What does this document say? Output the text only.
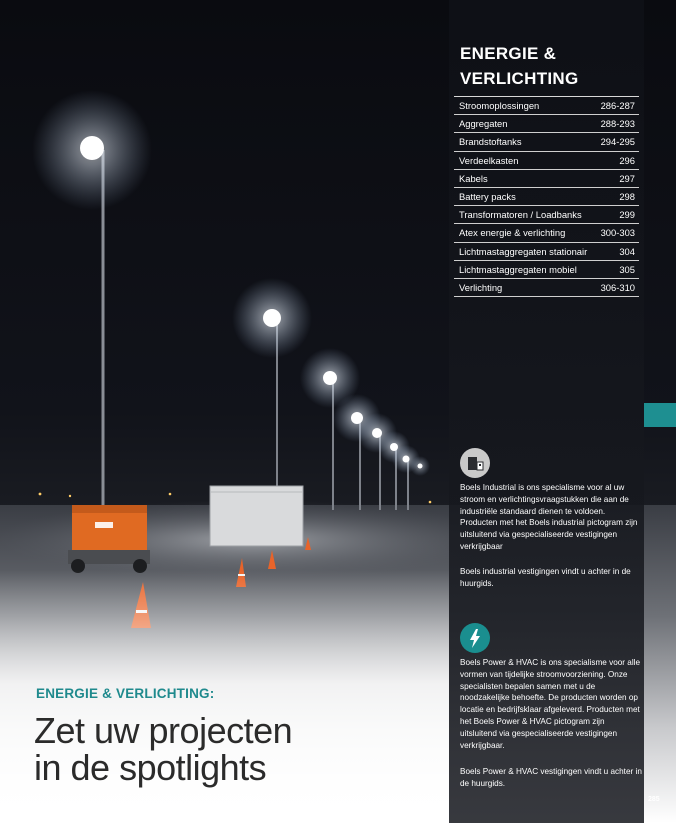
ENERGIE &
VERLICHTING
Stroomoplossingen	286-287
Aggregaten	288-293
Brandstoftanks	294-295
Verdeelkasten	296
Kabels	297
Battery packs	298
Transformatoren / Loadbanks	299
Atex energie & verlichting	300-303
Lichtmastaggregaten stationair	304
Lichtmastaggregaten mobiel	305
Verlichting	306-310
Boels Industrial is ons specialisme voor al uw stroom en verlichtingsvraagstukken die aan de industriële standaard dienen te voldoen. Producten met het Boels industrial pictogram zijn uitsluitend via gespecialiseerde vestigingen verkrijgbaar
Boels industrial vestigingen vindt u achter in de huurgids.
Boels Power & HVAC is ons specialisme voor alle vormen van tijdelijke stroomvoorziening. Onze specialisten bepalen samen met u de noodzakelijke behoefte. De producten worden op locatie en bedrijfsklaar afgeleverd. Producten met het Boels Power & HVAC pictogram zijn uitsluitend via gespecialiseerde vestigingen verkrijgbaar.
Boels Power & HVAC vestigingen vindt u achter in de huurgids.
285
ENERGIE & VERLICHTING:
Zet uw projecten
in de spotlights
